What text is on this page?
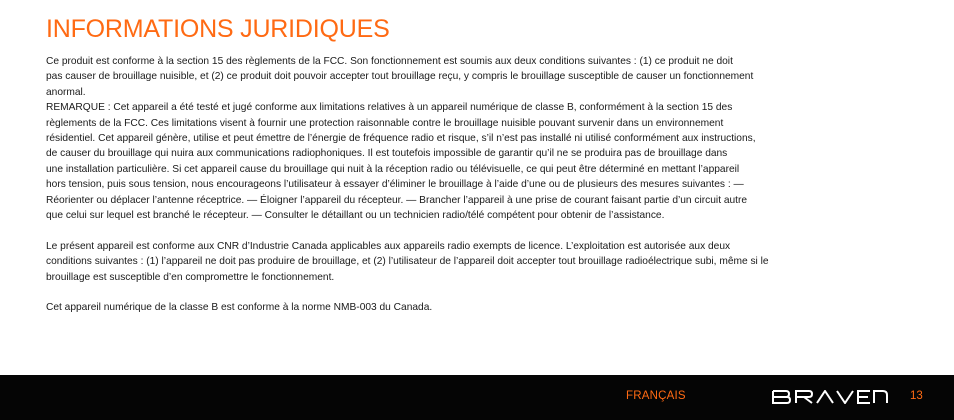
INFORMATIONS JURIDIQUES

Ce produit est conforme à la section 15 des règlements de la FCC. Son fonctionnement est soumis aux deux conditions suivantes : (1) ce produit ne doit

pas causer de brouillage nuisible, et (2) ce produit doit pouvoir accepter tout brouillage reçu, y compris le brouillage susceptible de causer un fonctionnement

anormal.

REMARQUE : Cet appareil a été testé et jugé conforme aux limitations relatives à un appareil numérique de classe B, conformément à la section 15 des

règlements de la FCC. Ces limitations visent à fournir une protection raisonnable contre le brouillage nuisible pouvant survenir dans un environnement

résidentiel. Cet appareil génère, utilise et peut émettre de l’énergie de fréquence radio et risque, s’il n’est pas installé ni utilisé conformément aux instructions,

de causer du brouillage qui nuira aux communications radiophoniques. Il est toutefois impossible de garantir qu’il ne se produira pas de brouillage dans

une installation particulière. Si cet appareil cause du brouillage qui nuit à la réception radio ou télévisuelle, ce qui peut être déterminé en mettant l’appareil

hors tension, puis sous tension, nous encourageons l’utilisateur à essayer d’éliminer le brouillage à l’aide d’une ou de plusieurs des mesures suivantes : —

Réorienter ou déplacer l’antenne réceptrice. — Éloigner l’appareil du récepteur. — Brancher l’appareil à une prise de courant faisant partie d’un circuit autre

que celui sur lequel est branché le récepteur. — Consulter le détaillant ou un technicien radio/télé compétent pour obtenir de l’assistance.

Le présent appareil est conforme aux CNR d’Industrie Canada applicables aux appareils radio exempts de licence. L’exploitation est autorisée aux deux

conditions suivantes : (1) l’appareil ne doit pas produire de brouillage, et (2) l’utilisateur de l’appareil doit accepter tout brouillage radioélectrique subi, même si le

brouillage est susceptible d’en compromettre le fonctionnement.

Cet appareil numérique de la classe B est conforme à la norme NMB-003 du Canada.

FRANÇAIS	13
